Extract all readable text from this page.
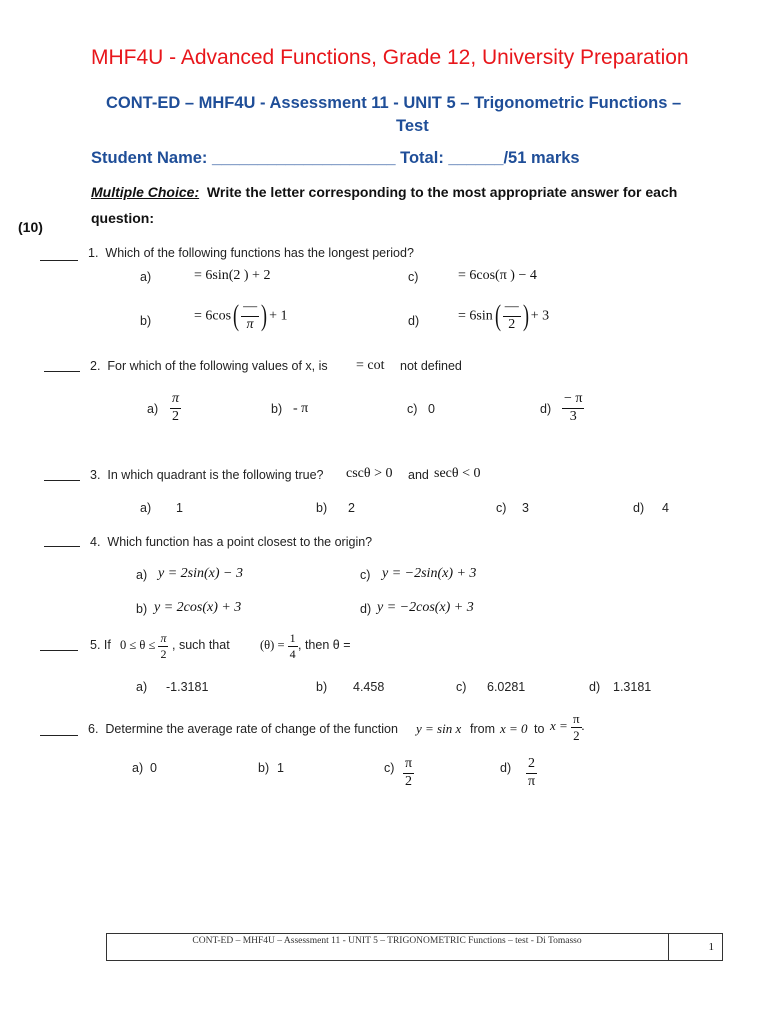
MHF4U - Advanced Functions, Grade 12, University Preparation
CONT-ED – MHF4U - Assessment 11 - UNIT 5 – Trigonometric Functions –
Test
Student Name: ____________________ Total: ______/51 marks
Multiple Choice: Write the letter corresponding to the most appropriate answer for each
question:
(10)
1. Which of the following functions has the longest period?
a)	= 6sin(2 ) + 2	c)	= 6cos(π ) − 4
b)	= $6\cos( \frac{—}{\pi}$ ) + 1	d)	= $6\sin( \frac{—}{2}$ ) + 3
2. For which of the following values of x, is = cot not defined
$a) \frac{\pi}{2}$	b) - π	c) 0	$d) \frac{- \pi}{3}$
3. In which quadrant is the following true? cscθ > 0 and secθ < 0
a) 1	b) 2	c) 3	d) 4
4. Which function has a point closest to the origin?
a) y = 2sin(x) − 3	c) y = −2sin(x) + 3
b) y = 2cos(x) + 3	d) y = −2cos(x) + 3
5. If $0 \le \theta \le \frac{\pi}{2}$ , such that $(\theta) = \frac{1}{4}$ , then θ =
a) -1.3181	b) 4.458	c) 6.0281	d) 1.3181
6. Determine the average rate of change of the function y = sin x from x = 0 to $x = \frac{\pi}{2}$ .
a) 0	b) 1	$c) \frac{\pi}{2}$	$d) \frac{2}{\pi}$
CONT-ED – MHF4U – Assessment 11 - UNIT 5 – TRIGONOMETRIC Functions – test - Di Tomasso	1
